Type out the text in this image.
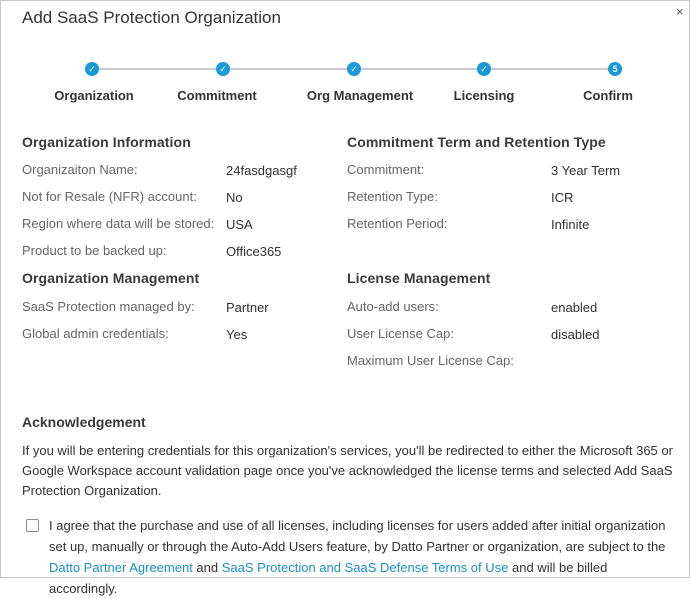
Add SaaS Protection Organization	×
✓	✓	✓	✓	5
Organization	Commitment	Org Management	Licensing	Confirm
Organization Information
Organizaiton Name:	24fasdgasgf
Not for Resale (NFR) account: No
Region where data will be stored: USA
Product to be backed up:	Office365
Commitment Term and Retention Type
Commitment:	3 Year Term
Retention Type:	ICR
Retention Period:	Infinite
Organization Management
SaaS Protection managed by: Partner
Global admin credentials:	Yes
License Management
Auto-add users:	enabled
User License Cap:	disabled
Maximum User License Cap:
Acknowledgement
If you will be entering credentials for this organization's services, you'll be redirected to either the Microsoft 365 or Google Workspace account validation page once you've acknowledged the license terms and selected Add SaaS Protection Organization.
I agree that the purchase and use of all licenses, including licenses for users added after initial organization set up, manually or through the Auto-Add Users feature, by Datto Partner or organization, are subject to the Datto Partner Agreement and SaaS Protection and SaaS Defense Terms of Use and will be billed accordingly.
